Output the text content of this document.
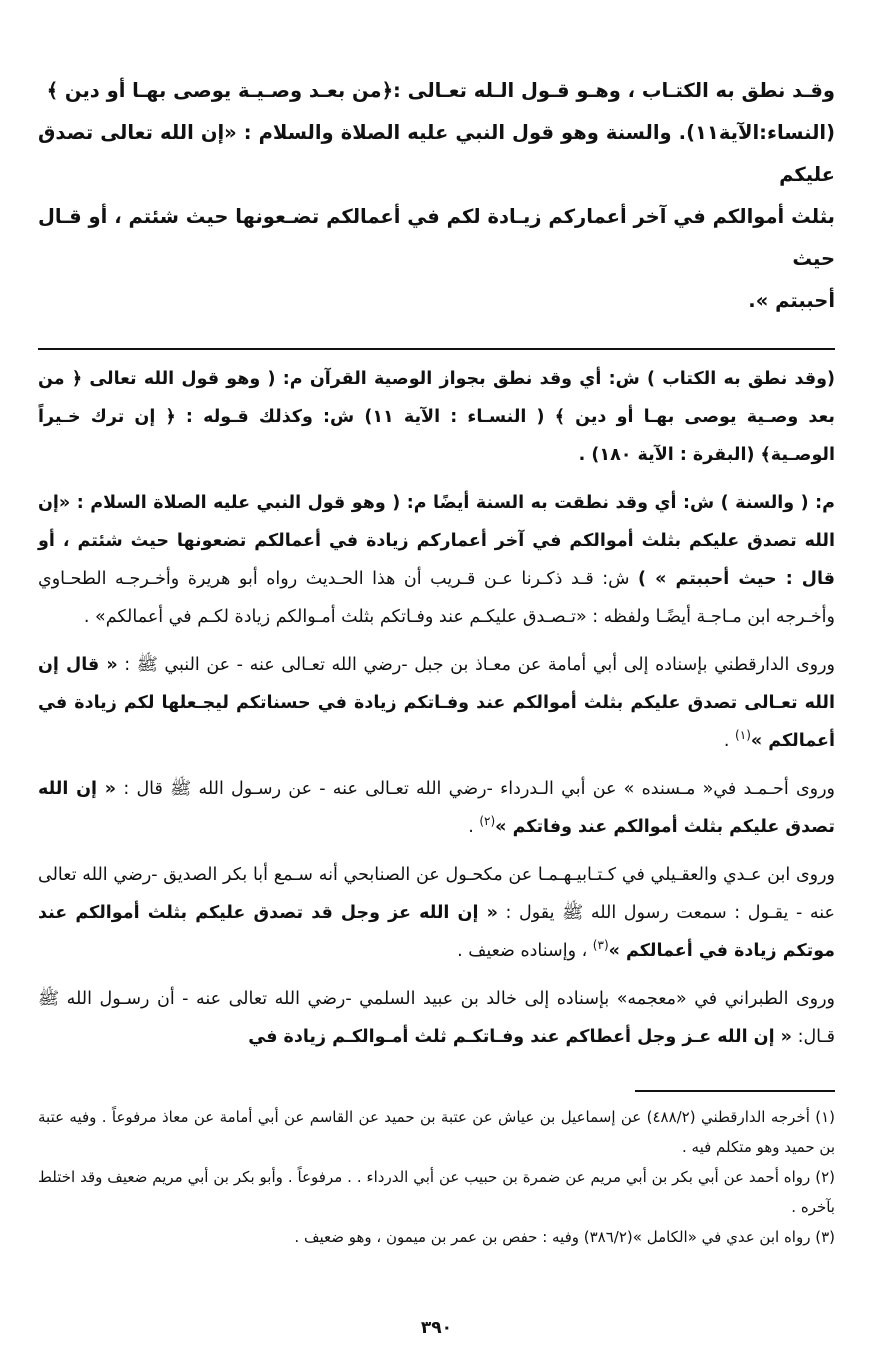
وقـد نطق به الكتـاب ، وهـو قـول الـله تعـالى :﴿من بعـد وصـيـة يوصى بهـا أو دين ﴾
(النساء:الآية١١). والسنة وهو قول النبي عليه الصلاة والسلام : «إن الله تعالى تصدق عليكم
بثلث أموالكم في آخر أعماركم زيـادة لكم في أعمالكم تضـعونها حيث شئتم ، أو قـال حيث
أحببتم ».

(وقد نطق به الكتاب ) ش: أي وقد نطق بجواز الوصية القرآن م: ( وهو قول الله تعالى ﴿ من بعد وصـية يوصى بهـا أو دين ﴾ ( النسـاء : الآية ١١) ش: وكذلك قـوله : ﴿ إن ترك خـيراً الوصـية﴾ (البقرة : الآية ١٨٠) .

م: ( والسنة ) ش: أي وقد نطقت به السنة أيضًا م: ( وهو قول النبي عليه الصلاة السلام : «إن الله تصدق عليكم بثلث أموالكم في آخر أعماركم زيادة في أعمالكم تضعونها حيث شئتم ، أو قال : حيث أحببتم » ) ش: قـد ذكـرنا عـن قـريب أن هذا الحـديث رواه أبو هريرة وأخـرجـه الطحـاوي وأخـرجه ابن مـاجـة أيضًـا ولفظه : «تـصـدق عليكـم عند وفـاتكم بثلث أمـوالكم زيادة لكـم في أعمالكم» .

وروى الدارقطني بإسناده إلى أبي أمامة عن معـاذ بن جبل -رضي الله تعـالى عنه - عن النبي ﷺ : « قال إن الله تعـالى تصدق عليكم بثلث أموالكم عند وفـاتكم زيادة في حسناتكم ليجـعلها لكم زيادة في أعمالكم »$^{(١)}$ .

وروى أحـمـد في« مـسنده » عن أبي الـدرداء -رضي الله تعـالى عنه - عن رسـول الله ﷺ قال : « إن الله تصدق عليكم بثلث أموالكم عند وفاتكم »$^{(٢)}$ .

وروى ابن عـدي والعقـيلي في كـتـابيـهـمـا عن مكحـول عن الصنابحي أنه سـمع أبا بكر الصديق -رضي الله تعالى عنه - يقـول : سمعت رسول الله ﷺ يقول : « إن الله عز وجل قد تصدق عليكم بثلث أموالكم عند موتكم زيادة في أعمالكم »$^{(٣)}$ ، وإسناده ضعيف .

وروى الطبراني في «معجمه» بإسناده إلى خالد بن عبيد السلمي -رضي الله تعالى عنه - أن رسـول الله ﷺ قـال: « إن الله عـز وجل أعطاكم عند وفـاتكـم ثلث أمـوالكـم زيادة في

(١) أخرجه الدارقطني (٤٨٨/٢) عن إسماعيل بن عياش عن عتبة بن حميد عن القاسم عن أبي أمامة عن معاذ مرفوعاً . وفيه عتبة بن حميد وهو متكلم فيه .

(٢) رواه أحمد عن أبي بكر بن أبي مريم عن ضمرة بن حبيب عن أبي الدرداء . . مرفوعاً . وأبو بكر بن أبي مريم ضعيف وقد اختلط بآخره .

(٣) رواه ابن عدي في «الكامل »(٣٨٦/٢) وفيه : حفص بن عمر بن ميمون ، وهو ضعيف .

٣٩٠
